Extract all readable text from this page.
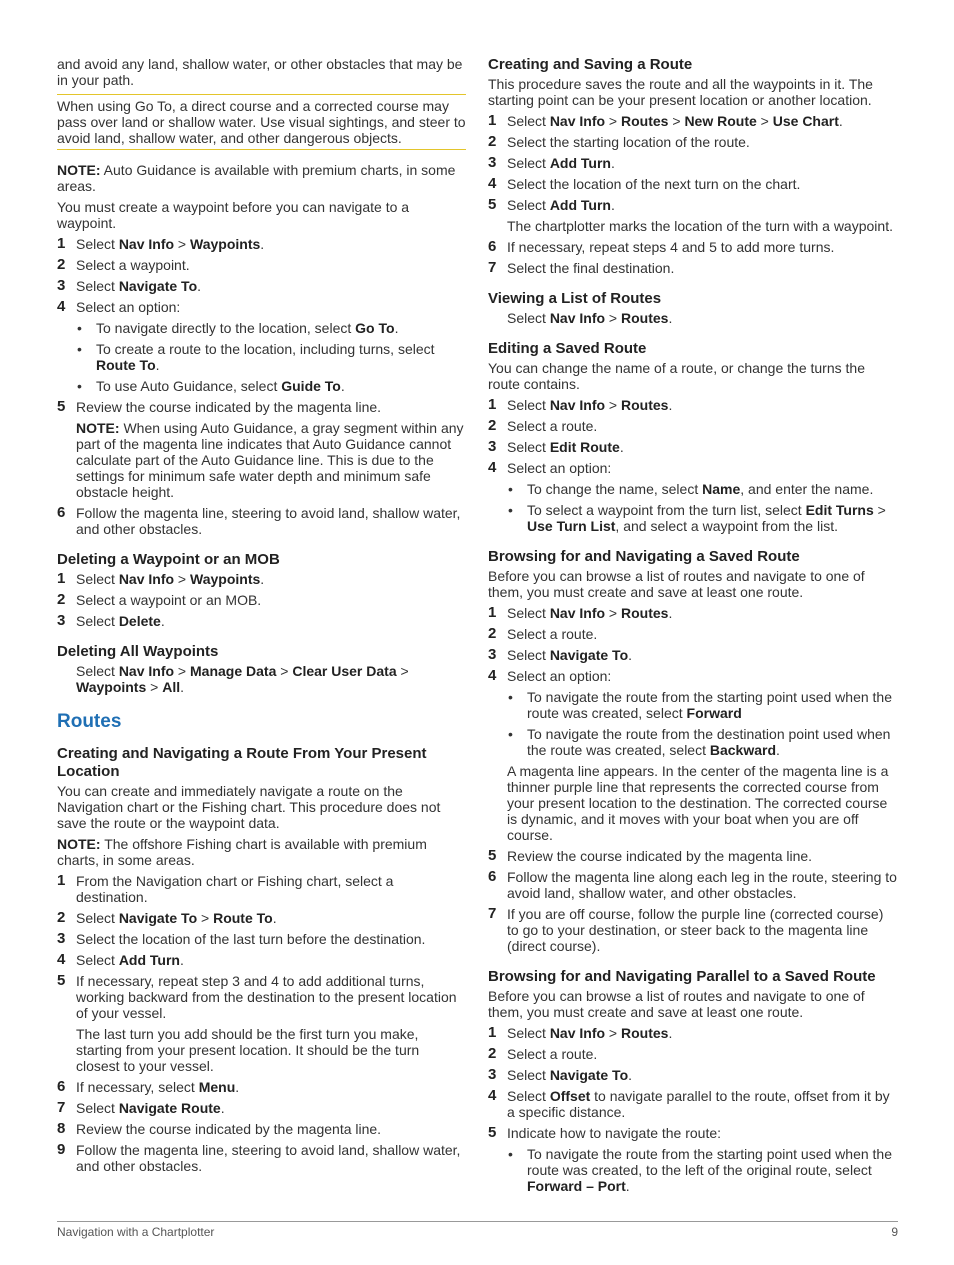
and avoid any land, shallow water, or other obstacles that may be in your path.

When using Go To, a direct course and a corrected course may pass over land or shallow water. Use visual sightings, and steer to avoid land, shallow water, and other dangerous objects.

NOTE: Auto Guidance is available with premium charts, in some areas.

You must create a waypoint before you can navigate to a waypoint.

1 Select Nav Info > Waypoints.
2 Select a waypoint.
3 Select Navigate To.
4 Select an option:
•	To navigate directly to the location, select Go To.
•	To create a route to the location, including turns, select Route To.
•	To use Auto Guidance, select Guide To.
5 Review the course indicated by the magenta line.

NOTE: When using Auto Guidance, a gray segment within any part of the magenta line indicates that Auto Guidance cannot calculate part of the Auto Guidance line. This is due to the settings for minimum safe water depth and minimum safe obstacle height.

6 Follow the magenta line, steering to avoid land, shallow water, and other obstacles.
Deleting a Waypoint or an MOB
1 Select Nav Info > Waypoints.
2 Select a waypoint or an MOB.
3 Select Delete.
Deleting All Waypoints
Select Nav Info > Manage Data > Clear User Data > Waypoints > All.
Routes
Creating and Navigating a Route From Your Present Location

You can create and immediately navigate a route on the Navigation chart or the Fishing chart. This procedure does not save the route or the waypoint data.

NOTE: The offshore Fishing chart is available with premium charts, in some areas.

1 From the Navigation chart or Fishing chart, select a destination.
2 Select Navigate To > Route To.
3 Select the location of the last turn before the destination.
4 Select Add Turn.
5 If necessary, repeat step 3 and 4 to add additional turns, working backward from the destination to the present location of your vessel.

The last turn you add should be the first turn you make, starting from your present location. It should be the turn closest to your vessel.

6 If necessary, select Menu.
7 Select Navigate Route.
8 Review the course indicated by the magenta line.
9 Follow the magenta line, steering to avoid land, shallow water, and other obstacles.
Creating and Saving a Route

This procedure saves the route and all the waypoints in it. The starting point can be your present location or another location.

1 Select Nav Info > Routes > New Route > Use Chart.
2 Select the starting location of the route.
3 Select Add Turn.
4 Select the location of the next turn on the chart.
5 Select Add Turn.

The chartplotter marks the location of the turn with a waypoint.

6 If necessary, repeat steps 4 and 5 to add more turns.
7 Select the final destination.
Viewing a List of Routes
Select Nav Info > Routes.
Editing a Saved Route

You can change the name of a route, or change the turns the route contains.

1 Select Nav Info > Routes.
2 Select a route.
3 Select Edit Route.
4 Select an option:
•	To change the name, select Name, and enter the name.
•	To select a waypoint from the turn list, select Edit Turns > Use Turn List, and select a waypoint from the list.
Browsing for and Navigating a Saved Route

Before you can browse a list of routes and navigate to one of them, you must create and save at least one route.

1 Select Nav Info > Routes.
2 Select a route.
3 Select Navigate To.
4 Select an option:
•	To navigate the route from the starting point used when the route was created, select Forward
•	To navigate the route from the destination point used when the route was created, select Backward.
A magenta line appears. In the center of the magenta line is a thinner purple line that represents the corrected course from your present location to the destination. The corrected course is dynamic, and it moves with your boat when you are off course.
5 Review the course indicated by the magenta line.
6 Follow the magenta line along each leg in the route, steering to avoid land, shallow water, and other obstacles.
7 If you are off course, follow the purple line (corrected course) to go to your destination, or steer back to the magenta line (direct course).
Browsing for and Navigating Parallel to a Saved Route

Before you can browse a list of routes and navigate to one of them, you must create and save at least one route.

1 Select Nav Info > Routes.
2 Select a route.
3 Select Navigate To.
4 Select Offset to navigate parallel to the route, offset from it by a specific distance.
5 Indicate how to navigate the route:
•	To navigate the route from the starting point used when the route was created, to the left of the original route, select Forward – Port.
Navigation with a Chartplotter	9
